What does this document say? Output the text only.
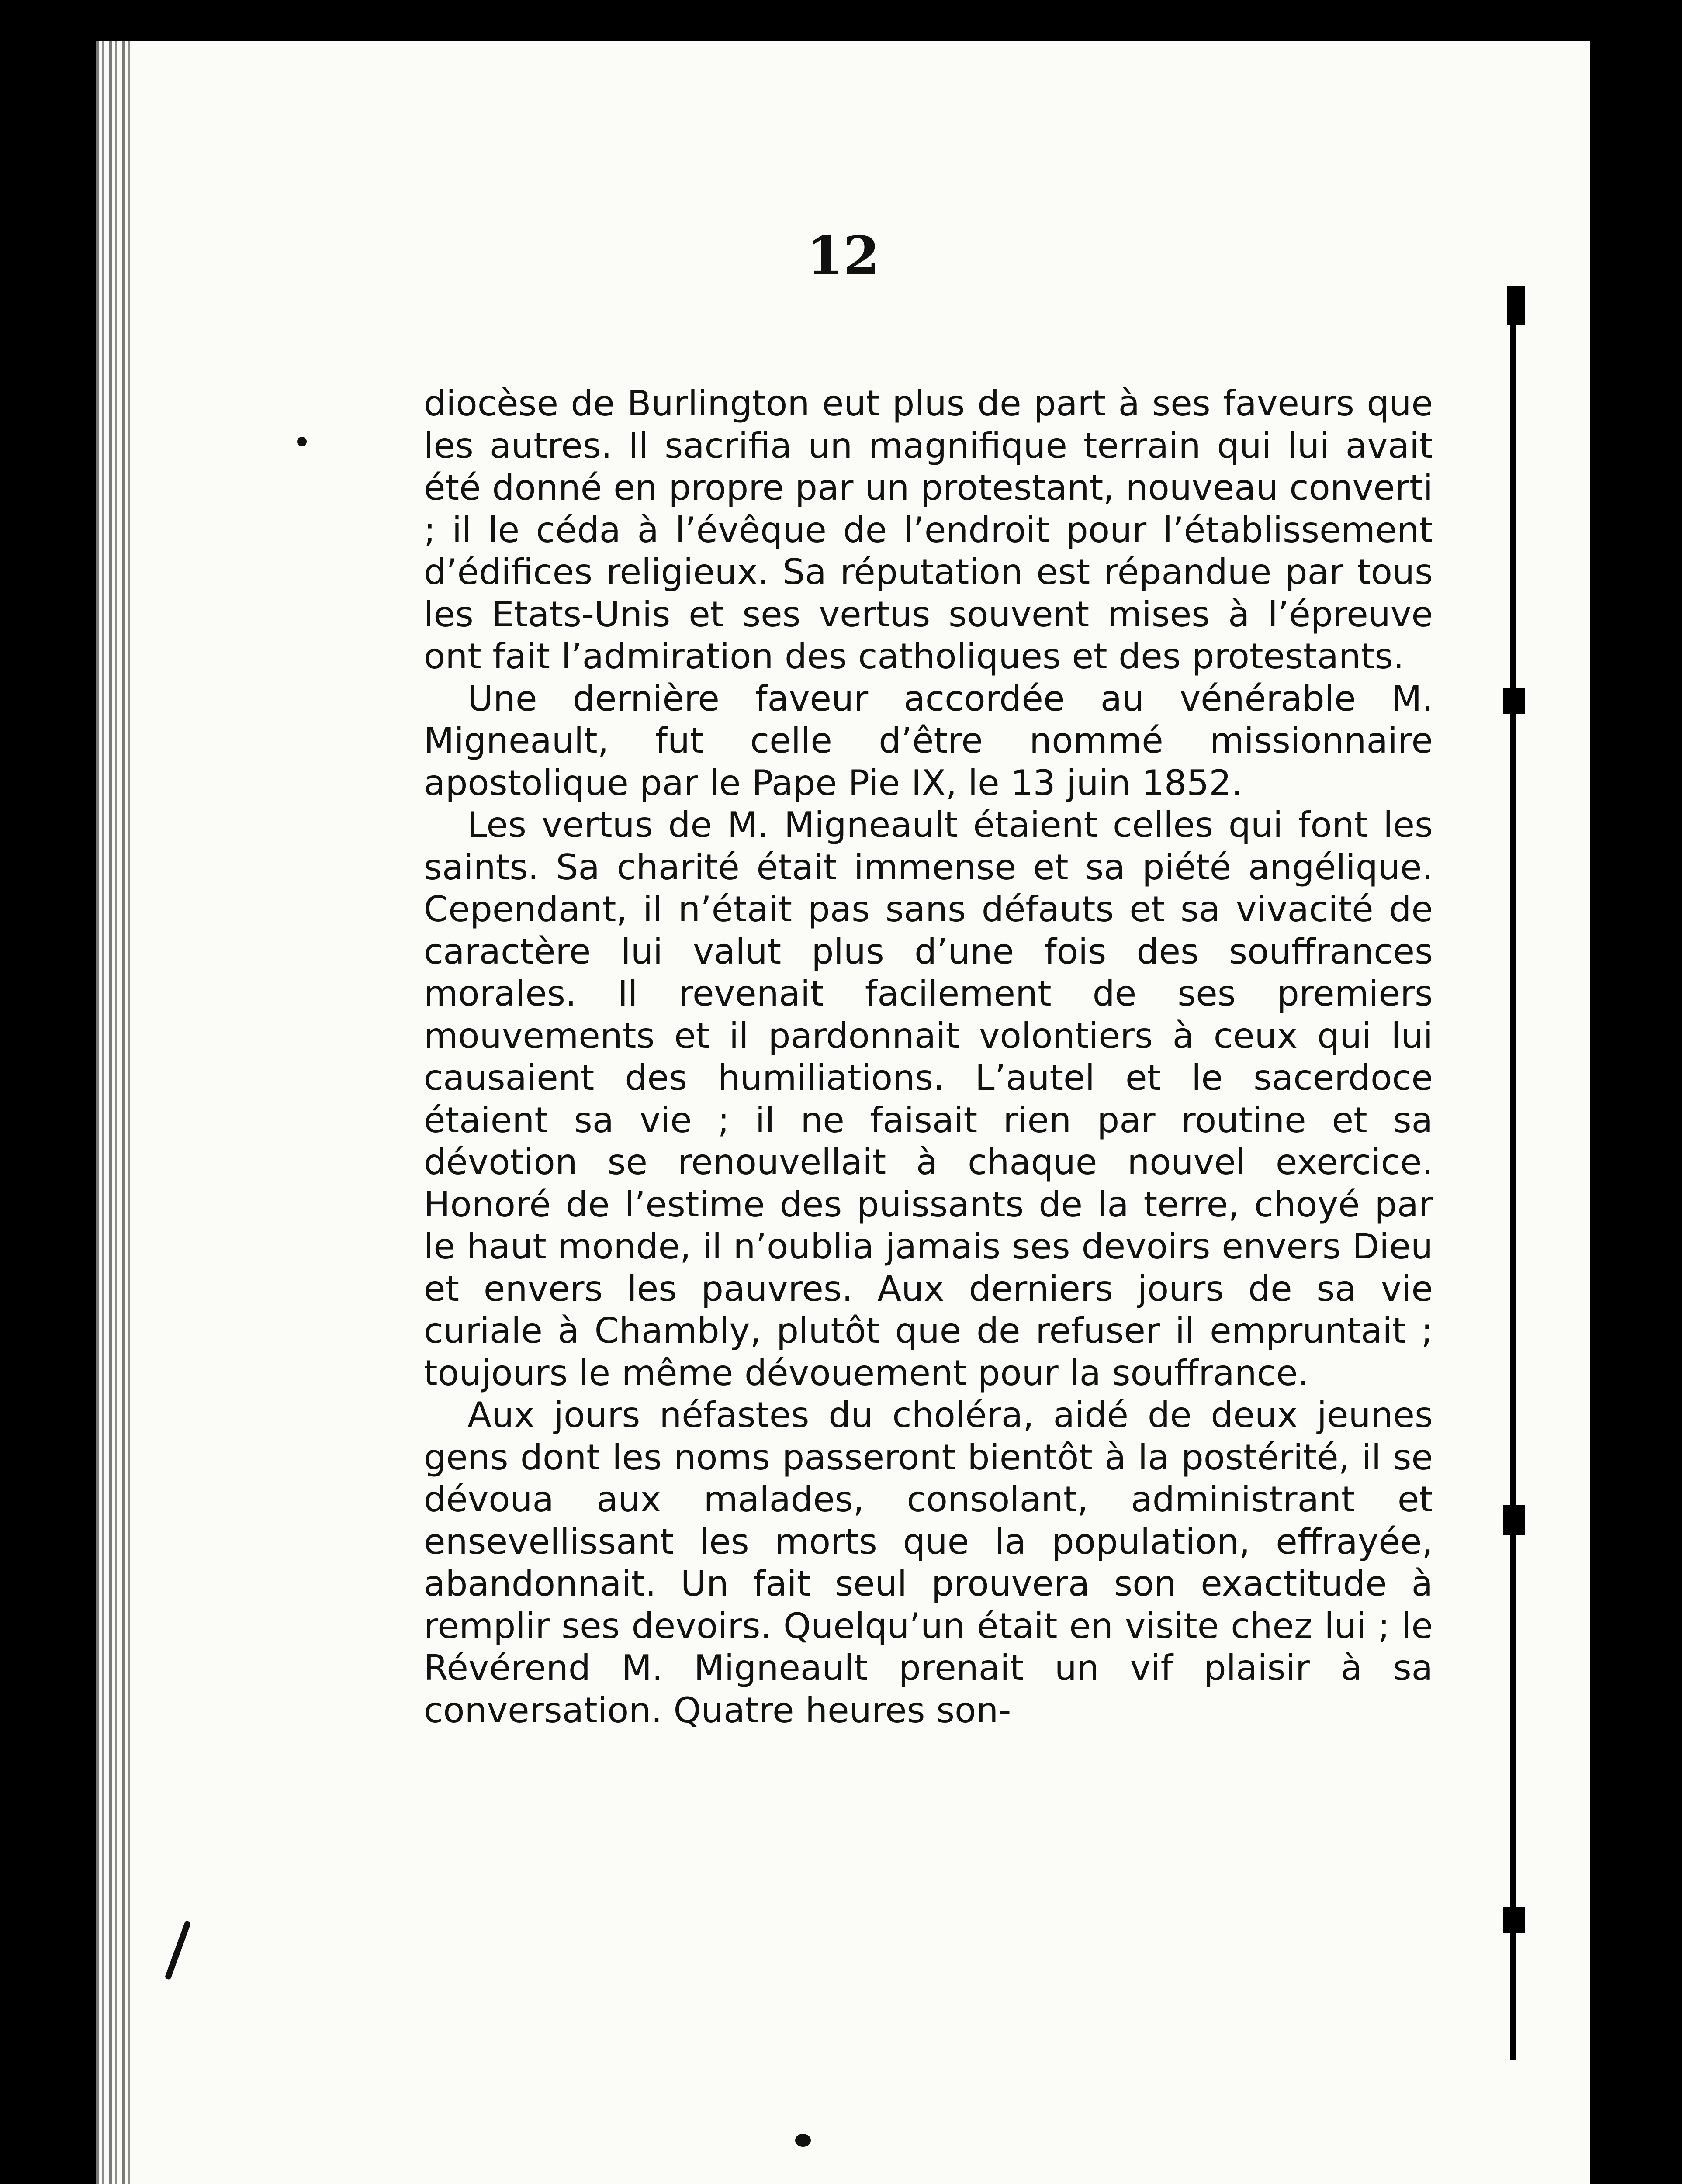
12

diocèse de Burlington eut plus de part à ses faveurs que les autres. Il sacrifia un magnifique terrain qui lui avait été donné en propre par un protestant, nouveau converti ; il le céda à l’évêque de l’endroit pour l’établissement d’édifices religieux. Sa réputation est répandue par tous les Etats-Unis et ses vertus souvent mises à l’épreuve ont fait l’admiration des catholiques et des protestants.

Une dernière faveur accordée au vénérable M. Migneault, fut celle d’être nommé missionnaire apostolique par le Pape Pie IX, le 13 juin 1852.

Les vertus de M. Migneault étaient celles qui font les saints. Sa charité était immense et sa piété angélique. Cependant, il n’était pas sans défauts et sa vivacité de caractère lui valut plus d’une fois des souffrances morales. Il revenait facilement de ses premiers mouvements et il pardonnait volontiers à ceux qui lui causaient des humiliations. L’autel et le sacerdoce étaient sa vie ; il ne faisait rien par routine et sa dévotion se renouvellait à chaque nouvel exercice. Honoré de l’estime des puissants de la terre, choyé par le haut monde, il n’oublia jamais ses devoirs envers Dieu et envers les pauvres. Aux derniers jours de sa vie curiale à Chambly, plutôt que de refuser il empruntait ; toujours le même dévouement pour la souffrance.

Aux jours néfastes du choléra, aidé de deux jeunes gens dont les noms passeront bientôt à la postérité, il se dévoua aux malades, consolant, administrant et ensevellissant les morts que la population, effrayée, abandonnait. Un fait seul prouvera son exactitude à remplir ses devoirs. Quelqu’un était en visite chez lui ; le Révérend M. Migneault prenait un vif plaisir à sa conversation. Quatre heures son-
